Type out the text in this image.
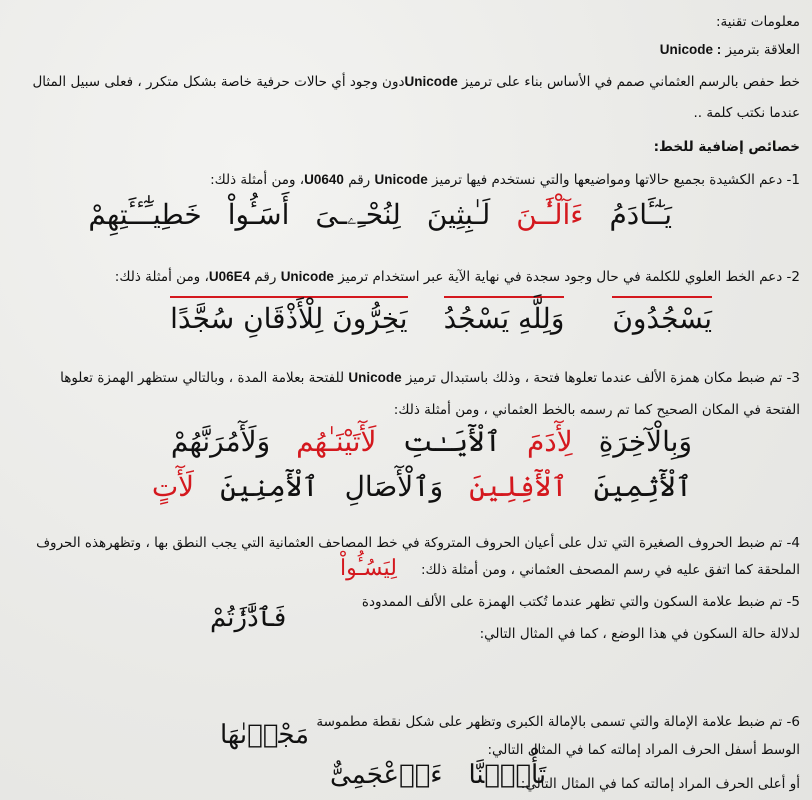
معلومات تقنية:
العلاقة بترميز Unicode :
خط حفص بالرسم العثماني صمم في الأساس بناء على ترميز Unicodeدون وجود أي حالات حرفية خاصة بشكل متكرر ، فعلى سبيل المثال
عندما نكتب كلمة ..
خصائص إضافية للخط:
1- دعم الكشيدة بجميع حالاتها ومواضيعها والتي نستخدم فيها ترميز Unicode رقم U0640، ومن أمثلة ذلك:
يَـٰٓـَٔادَمُءَآلْـَٰٔـنَلَـٰبِثِينَلِنُحْـِۦـىَأَسَـُٔواْخَطِيـَٰٓـٔـَٔتِهِمْ
2- دعم الخط العلوي للكلمة في حال وجود سجدة في نهاية الآية عبر استخدام ترميز Unicode رقم U06E4، ومن أمثلة ذلك:
يَسْجُدُونَوَلِلَّهِ يَسْجُدُيَخِرُّونَ لِلْأَذْقَانِ سُجَّدًا
3- تم ضبط مكان همزة الألف عندما تعلوها فتحة ، وذلك باستبدال ترميز Unicode للفتحة بعلامة المدة ، وبالتالي ستظهر الهمزة تعلوها
الفتحة في المكان الصحيح كما تم رسمه بالخط العثماني ، ومن أمثلة ذلك:
وَبِالْآخِرَةِلِأٓدَمَٱلْأٓيَـٰتِلَأٓتَيْنَـٰهُموَلَأٓمُرَنَّهُمْ
ٱلْأٓثِمِينَٱلْأٓفِلِينَوَٱلْأٓصَالِٱلْأٓمِنِينَلَأٓتٍ
4- تم ضبط الحروف الصغيرة التي تدل على أعيان الحروف المتروكة في خط المصاحف العثمانية التي يجب النطق بها ، وتظهرهذه الحروف
الملحقة كما اتفق عليه في رسم المصحف العثماني ، ومن أمثلة ذلك:
لِيَسُـُٔواْ
5- تم ضبط علامة السكون والتي تظهر عندما تُكتب الهمزة على الألف الممدودة
لدلالة حالة السكون في هذا الوضع ، كما في المثال التالي:
فَٱدَّٰرَٰٔتُمْ
6- تم ضبط علامة الإمالة والتي تسمى بالإمالة الكبرى وتظهر على شكل نقطة مطموسة
الوسط أسفل الحرف المراد إمالته كما في المثال التالي:
مَجْرٜىٰهَا
أو أعلى الحرف المراد إمالته كما في المثال التالي:
تَأْمَ۬نَّاءَا۬عْجَمِىٌّ
